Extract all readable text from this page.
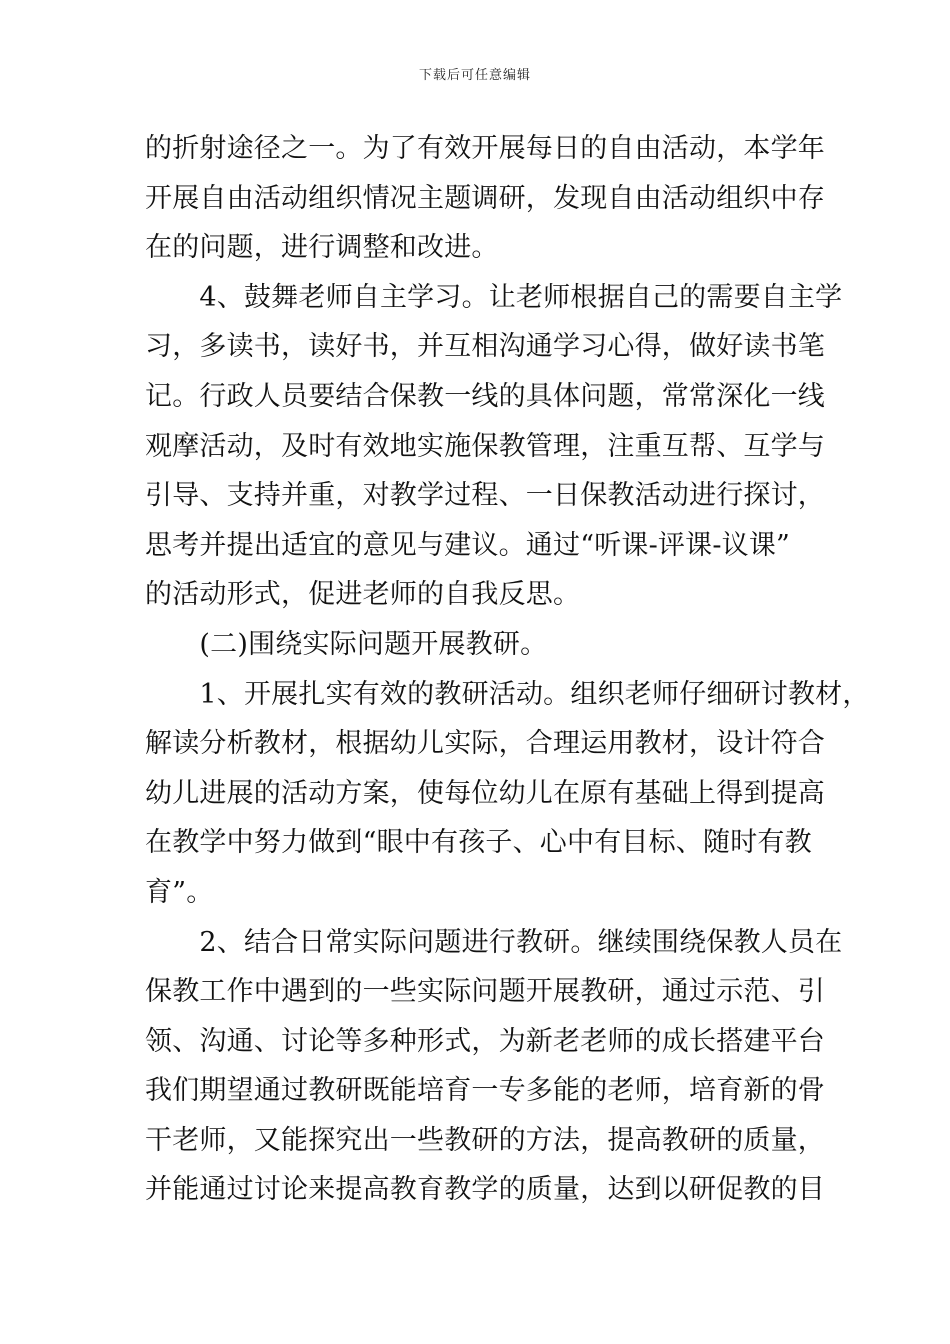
下载后可任意编辑
的折射途径之一。为了有效开展每日的自由活动，本学年
开展自由活动组织情况主题调研，发现自由活动组织中存
在的问题，进行调整和改进。
　　4、鼓舞老师自主学习。让老师根据自己的需要自主学
习，多读书，读好书，并互相沟通学习心得，做好读书笔
记。行政人员要结合保教一线的具体问题，常常深化一线
观摩活动，及时有效地实施保教管理，注重互帮、互学与
引导、支持并重，对教学过程、一日保教活动进行探讨，
思考并提出适宜的意见与建议。通过“听课-评课-议课”
的活动形式，促进老师的自我反思。
　　(二)围绕实际问题开展教研。
　　1、开展扎实有效的教研活动。组织老师仔细研讨教材，
解读分析教材，根据幼儿实际，合理运用教材，设计符合
幼儿进展的活动方案，使每位幼儿在原有基础上得到提高
在教学中努力做到“眼中有孩子、心中有目标、随时有教
育”。
　　2、结合日常实际问题进行教研。继续围绕保教人员在
保教工作中遇到的一些实际问题开展教研，通过示范、引
领、沟通、讨论等多种形式，为新老老师的成长搭建平台
我们期望通过教研既能培育一专多能的老师，培育新的骨
干老师，又能探究出一些教研的方法，提高教研的质量，
并能通过讨论来提高教育教学的质量，达到以研促教的目
